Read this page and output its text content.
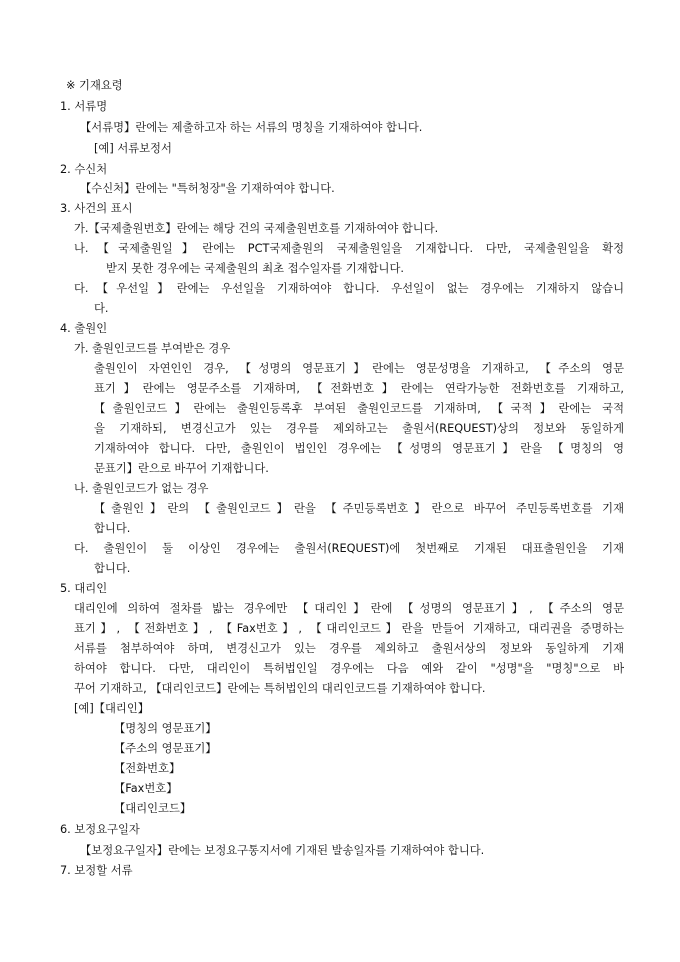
※ 기재요령
1. 서류명
【서류명】란에는 제출하고자 하는 서류의 명칭을 기재하여야 합니다.
[예] 서류보정서
2. 수신처
【수신처】란에는 "특허청장"을 기재하여야 합니다.
3. 사건의 표시
가.【국제출원번호】란에는 해당 건의 국제출원번호를 기재하여야 합니다.
나.【국제출원일】란에는 PCT국제출원의 국제출원일을 기재합니다. 다만, 국제출원일을 확정
받지 못한 경우에는 국제출원의 최초 접수일자를 기재합니다.
다.【우선일】란에는 우선일을 기재하여야 합니다. 우선일이 없는 경우에는 기재하지 않습니
다.
4. 출원인
가. 출원인코드를 부여받은 경우
출원인이 자연인인 경우, 【성명의 영문표기】란에는 영문성명을 기재하고, 【주소의 영문
표기】란에는 영문주소를 기재하며, 【전화번호】란에는 연락가능한 전화번호를 기재하고,
【출원인코드】란에는 출원인등록후 부여된 출원인코드를 기재하며, 【국적】란에는 국적
을 기재하되, 변경신고가 있는 경우를 제외하고는 출원서(REQUEST)상의 정보와 동일하게
기재하여야 합니다. 다만, 출원인이 법인인 경우에는 【성명의 영문표기】란을 【명칭의 영
문표기】란으로 바꾸어 기재합니다.
나. 출원인코드가 없는 경우
【출원인】란의 【출원인코드】란을 【주민등록번호】란으로 바꾸어 주민등록번호를 기재
합니다.
다. 출원인이 둘 이상인 경우에는 출원서(REQUEST)에 첫번째로 기재된 대표출원인을 기재
합니다.
5. 대리인
대리인에 의하여 절차를 밟는 경우에만 【대리인】란에 【성명의 영문표기】, 【주소의 영문
표기】, 【전화번호】, 【Fax번호】, 【대리인코드】란을 만들어 기재하고, 대리권을 증명하는
서류를 첨부하여야 하며, 변경신고가 있는 경우를 제외하고 출원서상의 정보와 동일하게 기재
하여야 합니다. 다만, 대리인이 특허법인일 경우에는 다음 예와 같이 "성명"을 "명칭"으로 바
꾸어 기재하고, 【대리인코드】란에는 특허법인의 대리인코드를 기재하여야 합니다.
[예]【대리인】
【명칭의 영문표기】
【주소의 영문표기】
【전화번호】
【Fax번호】
【대리인코드】
6. 보정요구일자
【보정요구일자】란에는 보정요구통지서에 기재된 발송일자를 기재하여야 합니다.
7. 보정할 서류
